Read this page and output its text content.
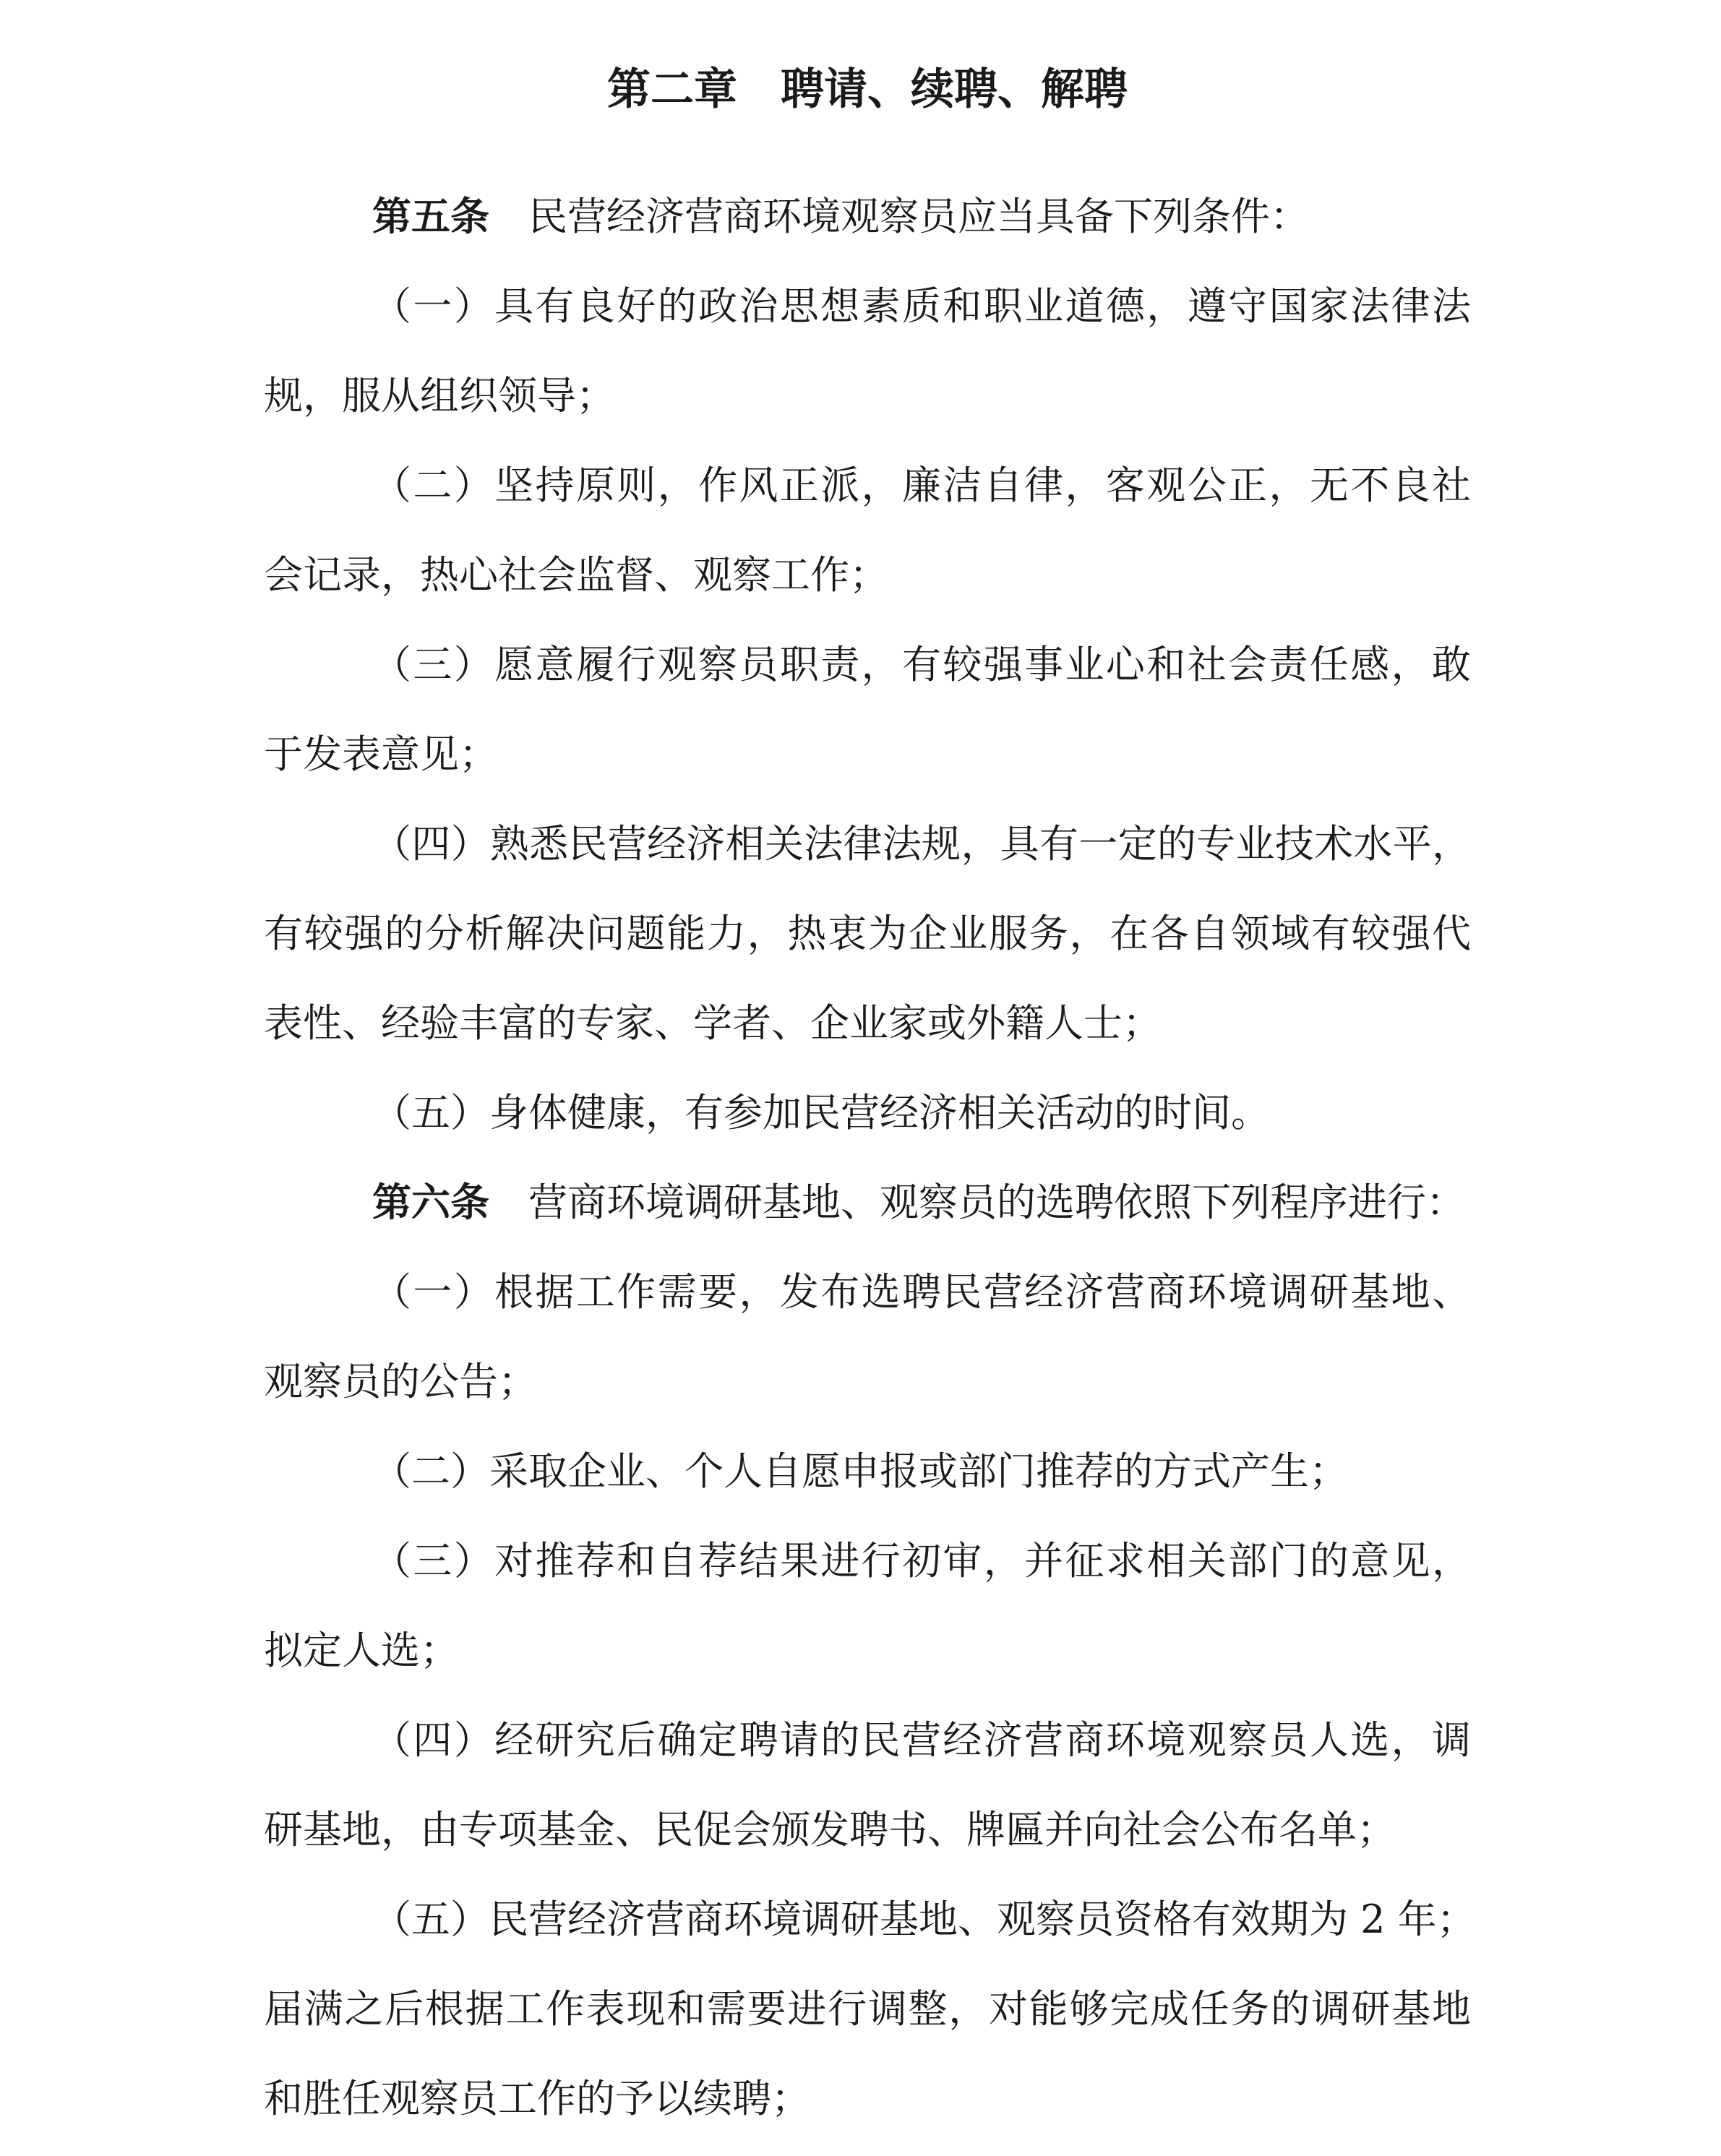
第二章　聘请、续聘、解聘
第五条  民营经济营商环境观察员应当具备下列条件：
（一）具有良好的政治思想素质和职业道德，遵守国家法律法
规，服从组织领导；
（二）坚持原则，作风正派，廉洁自律，客观公正，无不良社
会记录，热心社会监督、观察工作；
（三）愿意履行观察员职责，有较强事业心和社会责任感，敢
于发表意见；
（四）熟悉民营经济相关法律法规，具有一定的专业技术水平，
有较强的分析解决问题能力，热衷为企业服务，在各自领域有较强代
表性、经验丰富的专家、学者、企业家或外籍人士；
（五）身体健康，有参加民营经济相关活动的时间。
第六条  营商环境调研基地、观察员的选聘依照下列程序进行：
（一）根据工作需要，发布选聘民营经济营商环境调研基地、
观察员的公告；
（二）采取企业、个人自愿申报或部门推荐的方式产生；
（三）对推荐和自荐结果进行初审，并征求相关部门的意见，
拟定人选；
（四）经研究后确定聘请的民营经济营商环境观察员人选，调
研基地，由专项基金、民促会颁发聘书、牌匾并向社会公布名单；
（五）民营经济营商环境调研基地、观察员资格有效期为 2 年；
届满之后根据工作表现和需要进行调整，对能够完成任务的调研基地
和胜任观察员工作的予以续聘；
